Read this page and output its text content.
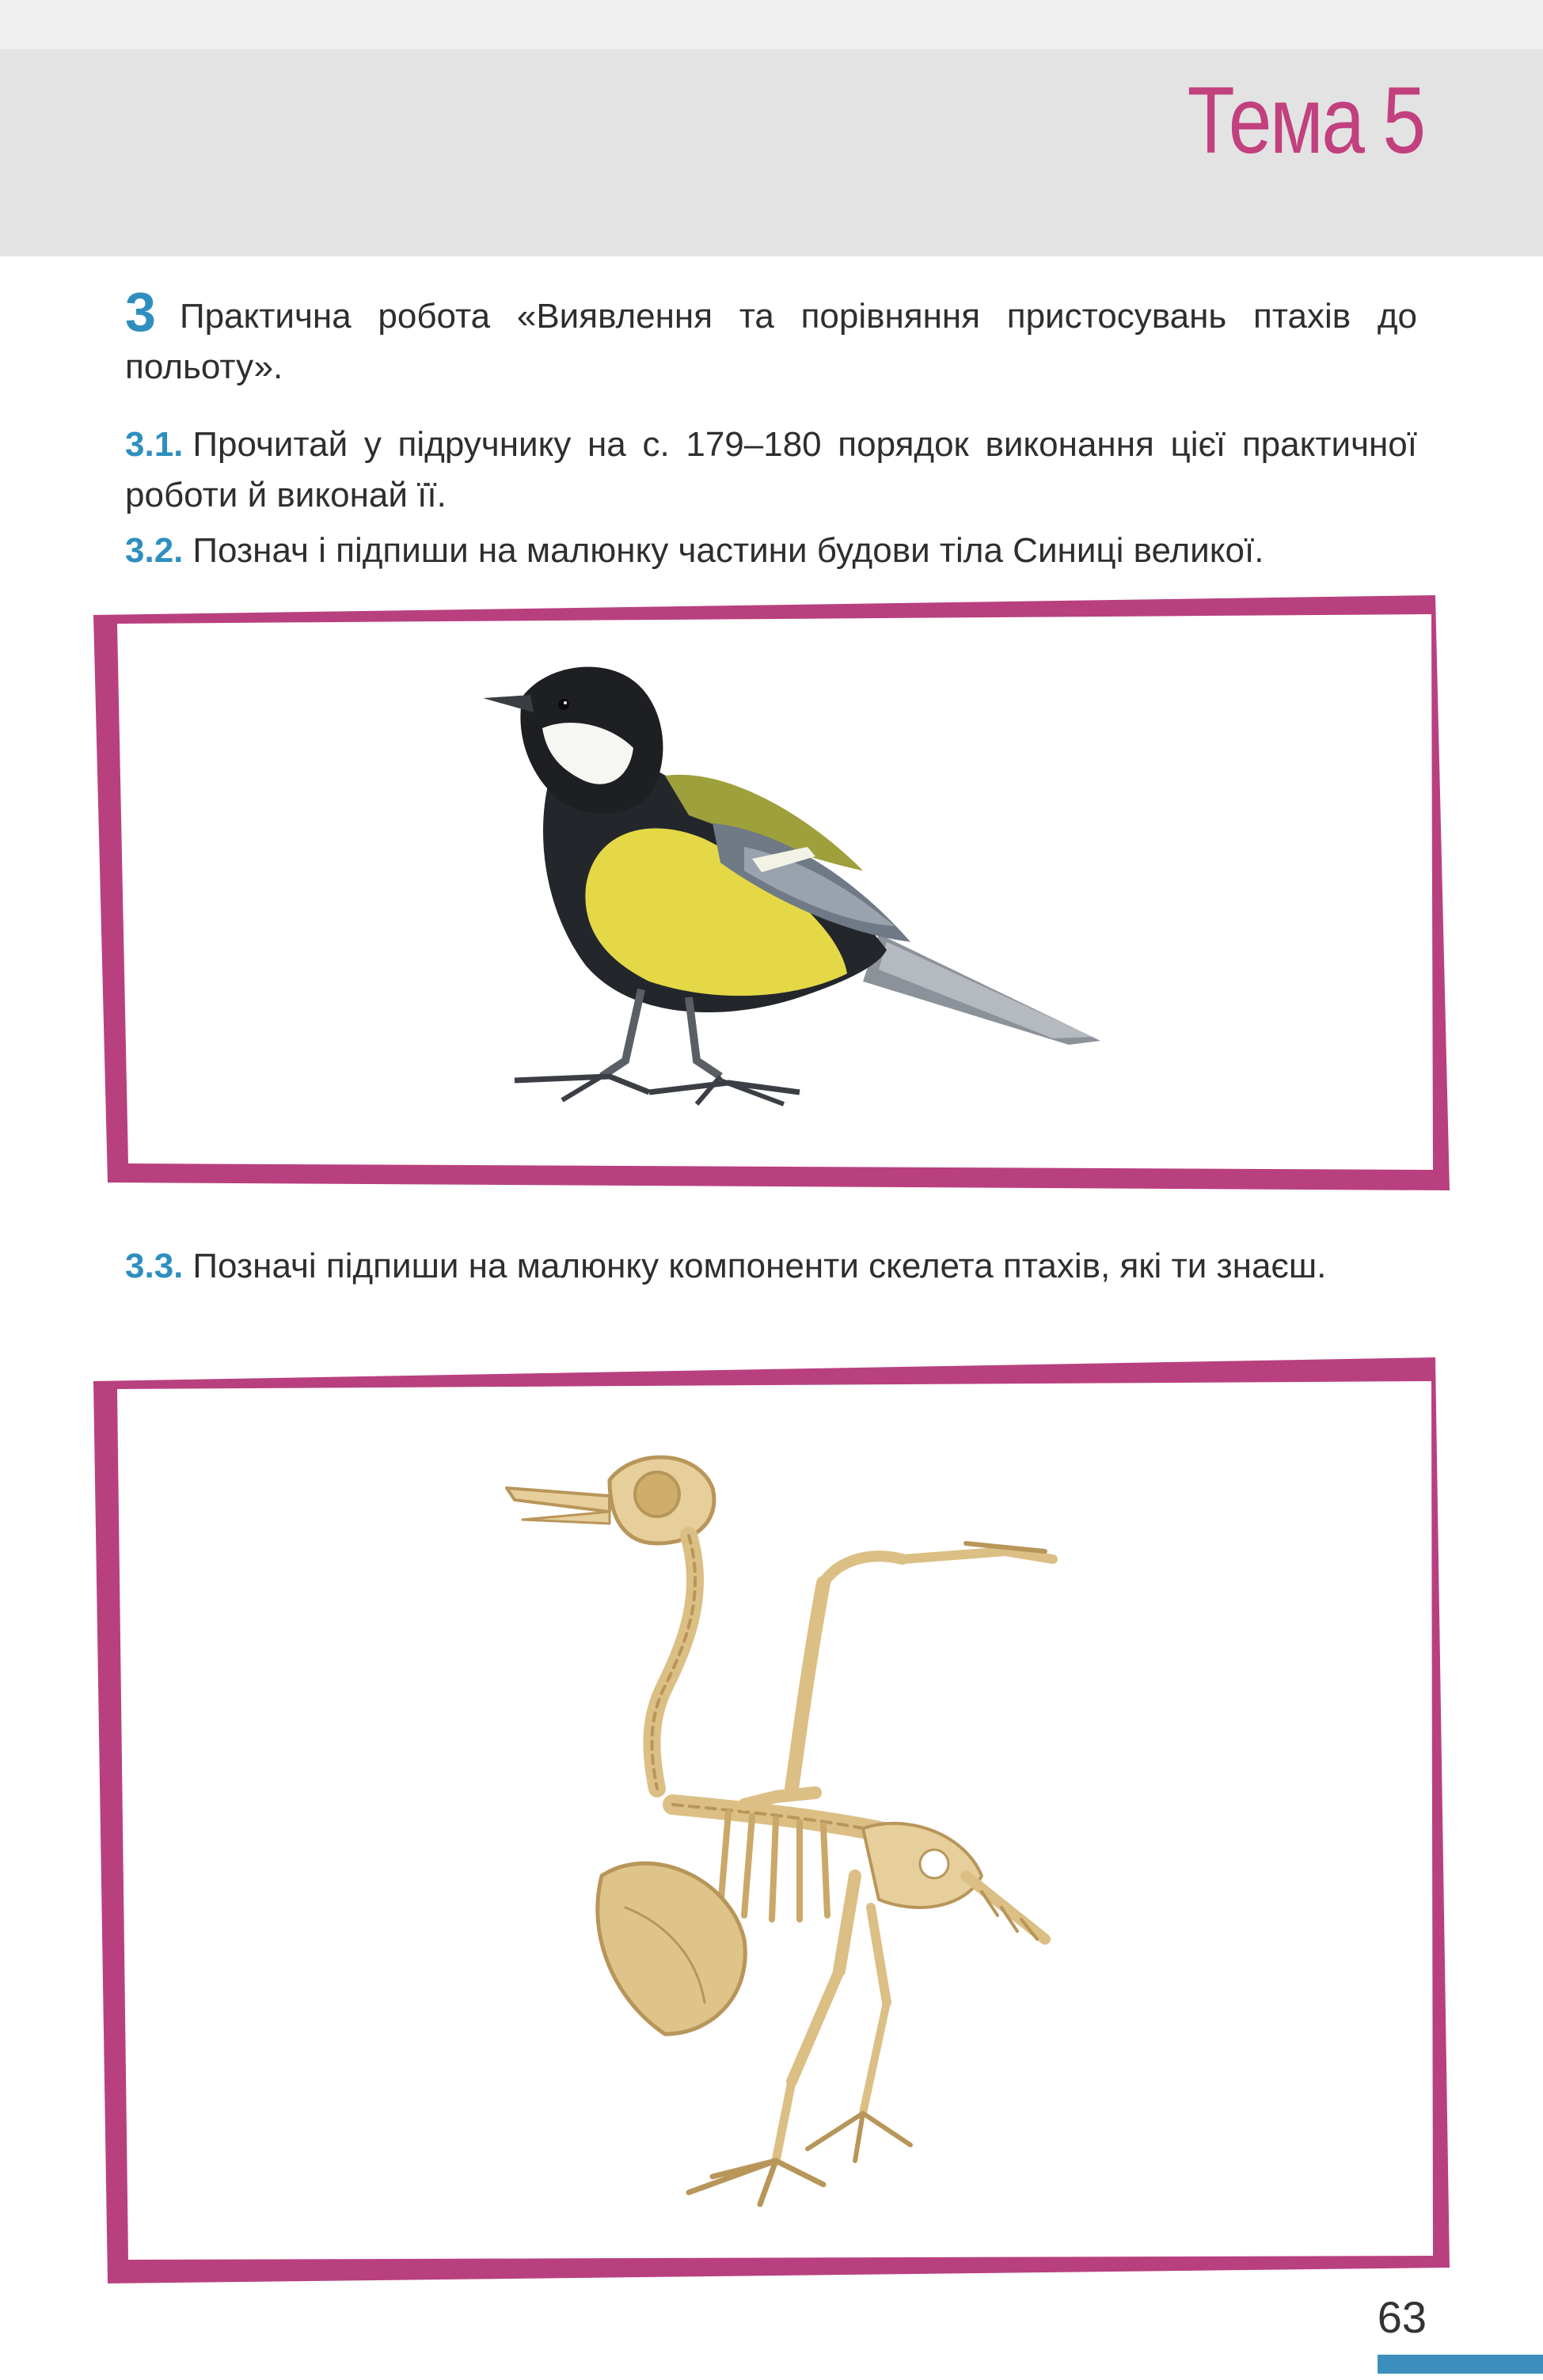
Тема 5
3 Практична робота «Виявлення та порівняння пристосувань птахів до польоту».
3.1. Прочитай у підручнику на с. 179–180 порядок виконання цієї практичної роботи й виконай її.
3.2. Познач і підпиши на малюнку частини будови тіла Синиці великої.
3.3. Позначі підпиши на малюнку компоненти скелета птахів, які ти знаєш.
63
